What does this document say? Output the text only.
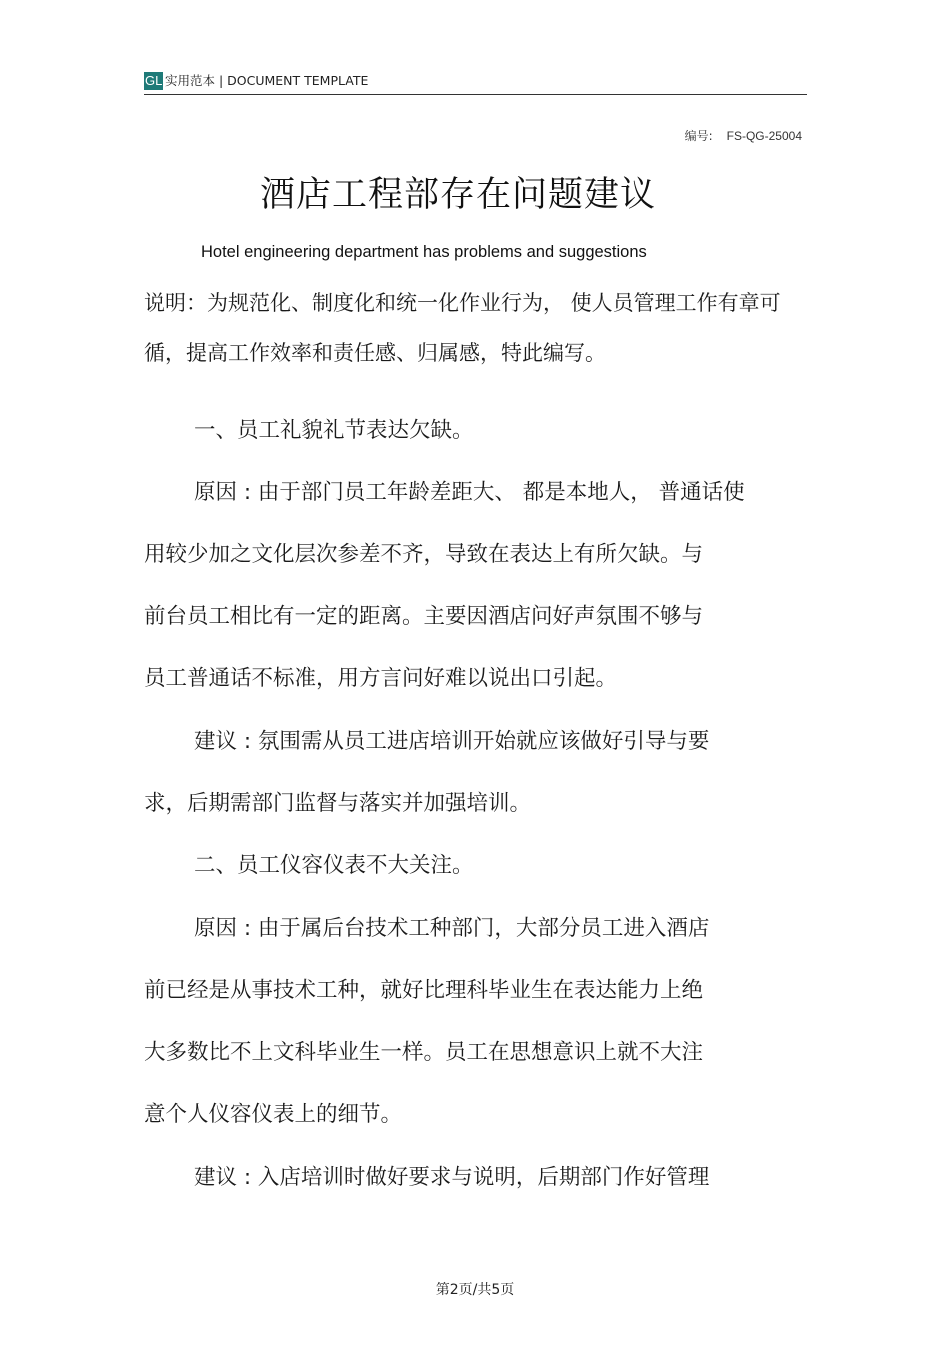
GL 实用范本 | DOCUMENT TEMPLATE
编号: FS-QG-25004
酒店工程部存在问题建议
Hotel engineering department has problems and suggestions
说明：为规范化、制度化和统一化作业行为， 使人员管理工作有章可
循，提高工作效率和责任感、归属感，特此编写。
一、员工礼貌礼节表达欠缺。
原因 : 由于部门员工年龄差距大、 都是本地人， 普通话使
用较少加之文化层次参差不齐，导致在表达上有所欠缺。与
前台员工相比有一定的距离。主要因酒店问好声氛围不够与
员工普通话不标准，用方言问好难以说出口引起。
建议 : 氛围需从员工进店培训开始就应该做好引导与要
求，后期需部门监督与落实并加强培训。
二、员工仪容仪表不大关注。
原因 : 由于属后台技术工种部门，大部分员工进入酒店
前已经是从事技术工种，就好比理科毕业生在表达能力上绝
大多数比不上文科毕业生一样。员工在思想意识上就不大注
意个人仪容仪表上的细节。
建议 : 入店培训时做好要求与说明，后期部门作好管理
第2页/共5页
